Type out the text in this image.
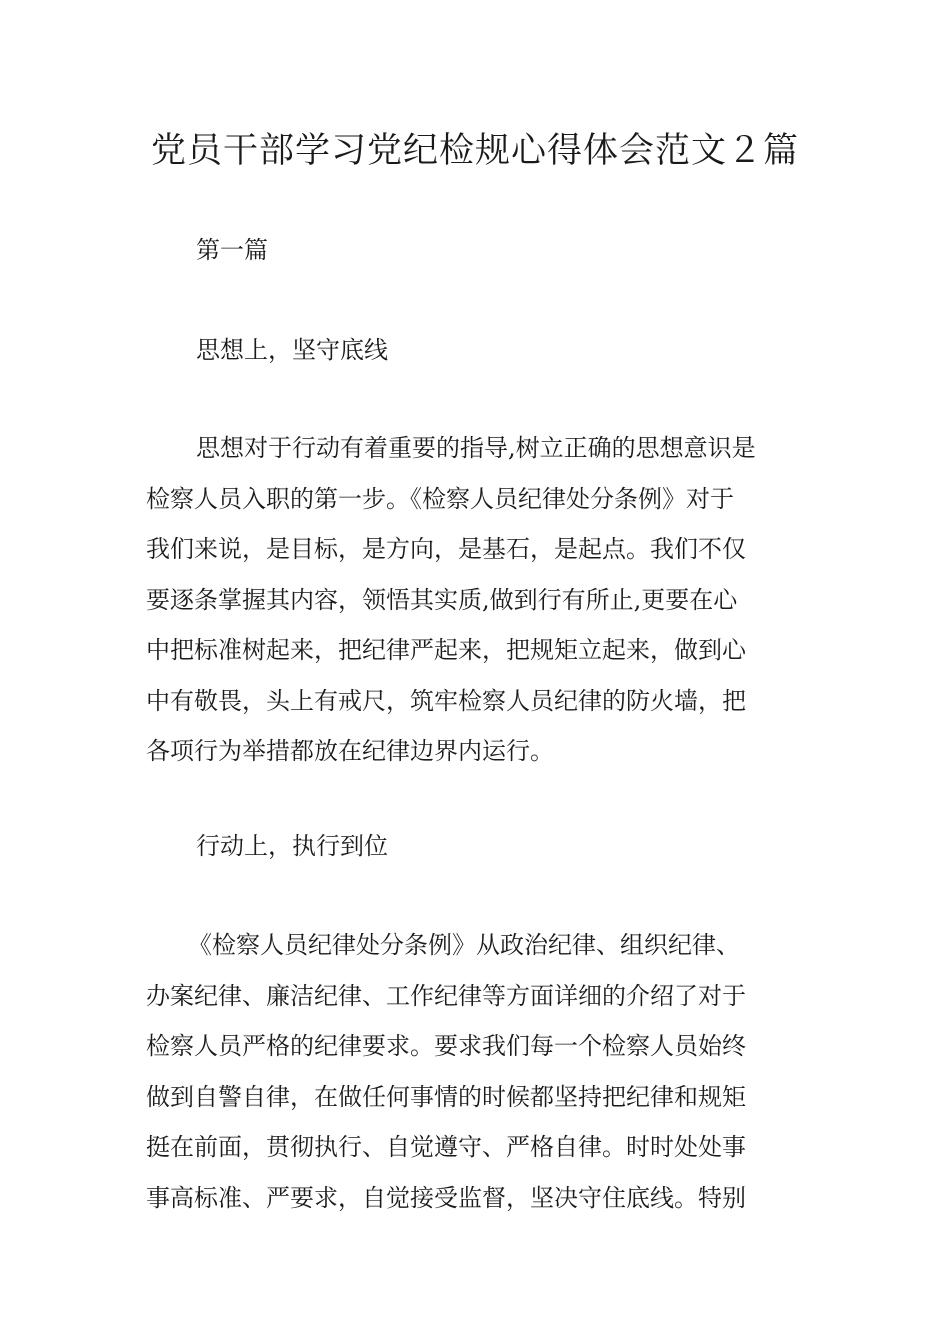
党员干部学习党纪检规心得体会范文２篇

第一篇

思想上，坚守底线

思想对于行动有着重要的指导,树立正确的思想意识是
检察人员入职的第一步。《检察人员纪律处分条例》对于
我们来说，是目标，是方向，是基石，是起点。我们不仅
要逐条掌握其内容，领悟其实质,做到行有所止,更要在心
中把标准树起来，把纪律严起来，把规矩立起来，做到心
中有敬畏，头上有戒尺，筑牢检察人员纪律的防火墙，把
各项行为举措都放在纪律边界内运行。

行动上，执行到位

《检察人员纪律处分条例》从政治纪律、组织纪律、
办案纪律、廉洁纪律、工作纪律等方面详细的介绍了对于
检察人员严格的纪律要求。要求我们每一个检察人员始终
做到自警自律，在做任何事情的时候都坚持把纪律和规矩
挺在前面，贯彻执行、自觉遵守、严格自律。时时处处事
事高标准、严要求，自觉接受监督，坚决守住底线。特别
